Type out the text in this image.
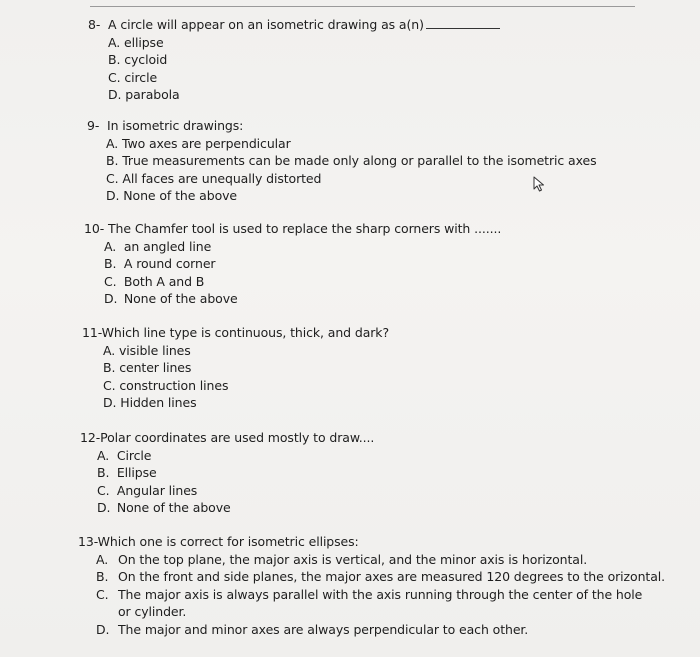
8- A circle will appear on an isometric drawing as a(n)
A. ellipse
B. cycloid
C. circle
D. parabola
9- In isometric drawings:
A. Two axes are perpendicular
B. True measurements can be made only along or parallel to the isometric axes
C. All faces are unequally distorted
D. None of the above
10- The Chamfer tool is used to replace the sharp corners with .......
A. an angled line
B. A round corner
C. Both A and B
D. None of the above
11-Which line type is continuous, thick, and dark?
A. visible lines
B. center lines
C. construction lines
D. Hidden lines
12-Polar coordinates are used mostly to draw....
A. Circle
B. Ellipse
C. Angular lines
D. None of the above
13-Which one is correct for isometric ellipses:
A. On the top plane, the major axis is vertical, and the minor axis is horizontal.
B. On the front and side planes, the major axes are measured 120 degrees to the orizontal.
C. The major axis is always parallel with the axis running through the center of the hole or cylinder.
D. The major and minor axes are always perpendicular to each other.
